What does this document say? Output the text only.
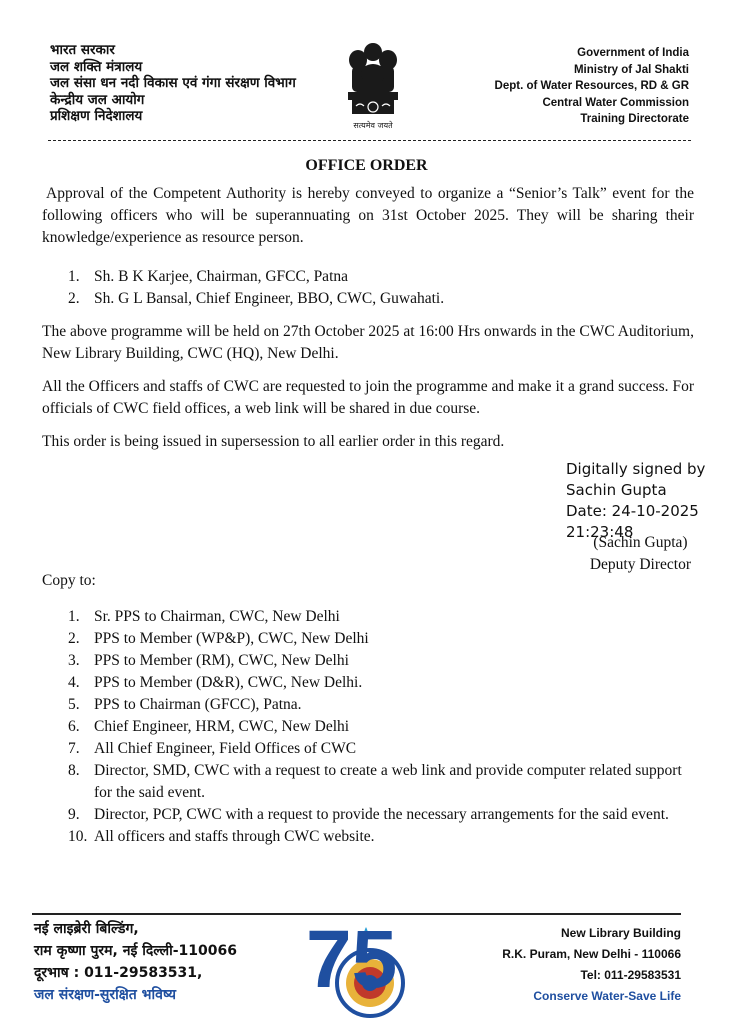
भारत सरकार
जल शक्ति मंत्रालय
जल संसा धन नदी विकास एवं गंगा संरक्षण विभाग
केन्द्रीय जल आयोग
प्रशिक्षण निदेशालय
सत्यमेव जयते
Government of India
Ministry of Jal Shakti
Dept. of Water Resources, RD & GR
Central Water Commission
Training Directorate
OFFICE ORDER

Approval of the Competent Authority is hereby conveyed to organize a “Senior’s Talk” event for the following officers who will be superannuating on 31st October 2025. They will be sharing their knowledge/experience as resource person.

1. Sh. B K Karjee, Chairman, GFCC, Patna
2. Sh. G L Bansal, Chief Engineer, BBO, CWC, Guwahati.

The above programme will be held on 27th October 2025 at 16:00 Hrs onwards in the CWC Auditorium, New Library Building, CWC (HQ), New Delhi.

All the Officers and staffs of CWC are requested to join the programme and make it a grand success. For officials of CWC field offices, a web link will be shared in due course.

This order is being issued in supersession to all earlier order in this regard.

Digitally signed by
Sachin Gupta
Date: 24-10-2025
21:23:48
(Sachin Gupta)
Deputy Director
Copy to:
1. Sr. PPS to Chairman, CWC, New Delhi
2. PPS to Member (WP&P), CWC, New Delhi
3. PPS to Member (RM), CWC, New Delhi
4. PPS to Member (D&R), CWC, New Delhi.
5. PPS to Chairman (GFCC), Patna.
6. Chief Engineer, HRM, CWC, New Delhi
7. All Chief Engineer, Field Offices of CWC
8. Director, SMD, CWC with a request to create a web link and provide computer related support for the said event.
9. Director, PCP, CWC with a request to provide the necessary arrangements for the said event.
10. All officers and staffs through CWC website.
नई लाइब्रेरी बिल्डिंग,
राम कृष्णा पुरम, नई दिल्ली-110066
दूरभाष : 011-29583531,
जल संरक्षण-सुरक्षित भविष्य	75	New Library Building
R.K. Puram, New Delhi - 110066
Tel: 011-29583531
Conserve Water-Save Life
